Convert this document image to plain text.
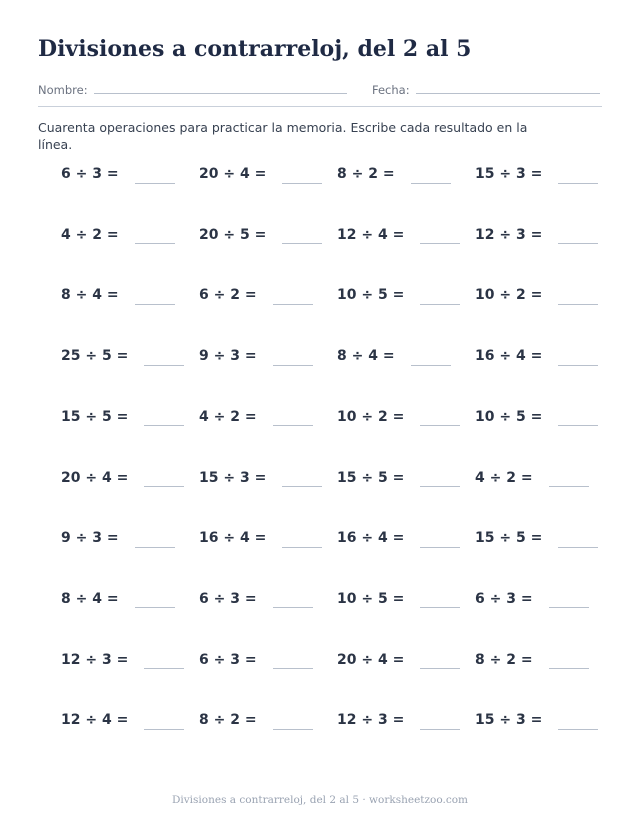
Divisiones a contrarreloj, del 2 al 5
Nombre:	Fecha:
Cuarenta operaciones para practicar la memoria. Escribe cada resultado en la línea.
6 ÷ 3 =	20 ÷ 4 =	8 ÷ 2 =	15 ÷ 3 =
4 ÷ 2 =	20 ÷ 5 =	12 ÷ 4 =	12 ÷ 3 =
8 ÷ 4 =	6 ÷ 2 =	10 ÷ 5 =	10 ÷ 2 =
25 ÷ 5 =	9 ÷ 3 =	8 ÷ 4 =	16 ÷ 4 =
15 ÷ 5 =	4 ÷ 2 =	10 ÷ 2 =	10 ÷ 5 =
20 ÷ 4 =	15 ÷ 3 =	15 ÷ 5 =	4 ÷ 2 =
9 ÷ 3 =	16 ÷ 4 =	16 ÷ 4 =	15 ÷ 5 =
8 ÷ 4 =	6 ÷ 3 =	10 ÷ 5 =	6 ÷ 3 =
12 ÷ 3 =	6 ÷ 3 =	20 ÷ 4 =	8 ÷ 2 =
12 ÷ 4 =	8 ÷ 2 =	12 ÷ 3 =	15 ÷ 3 =
Divisiones a contrarreloj, del 2 al 5 · worksheetzoo.com
